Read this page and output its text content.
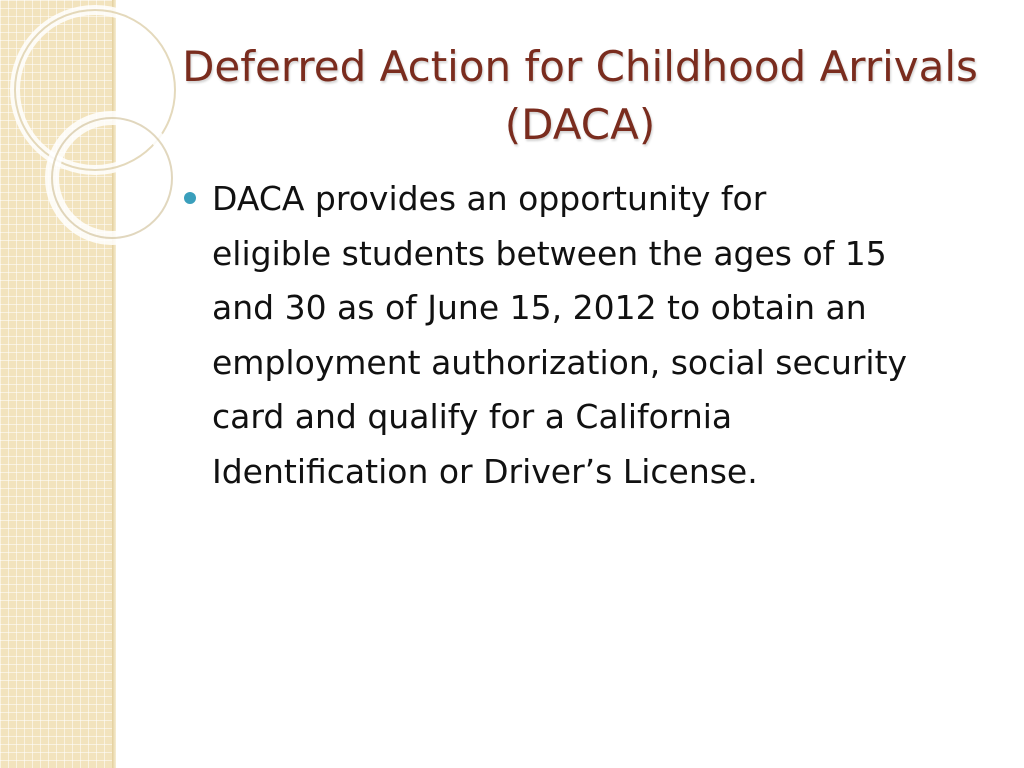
Deferred Action for Childhood Arrivals
(DACA)
DACA provides an opportunity for
eligible students between the ages of 15
and 30 as of June 15, 2012 to obtain an
employment authorization, social security
card and qualify for a California
Identification or Driver’s License.
